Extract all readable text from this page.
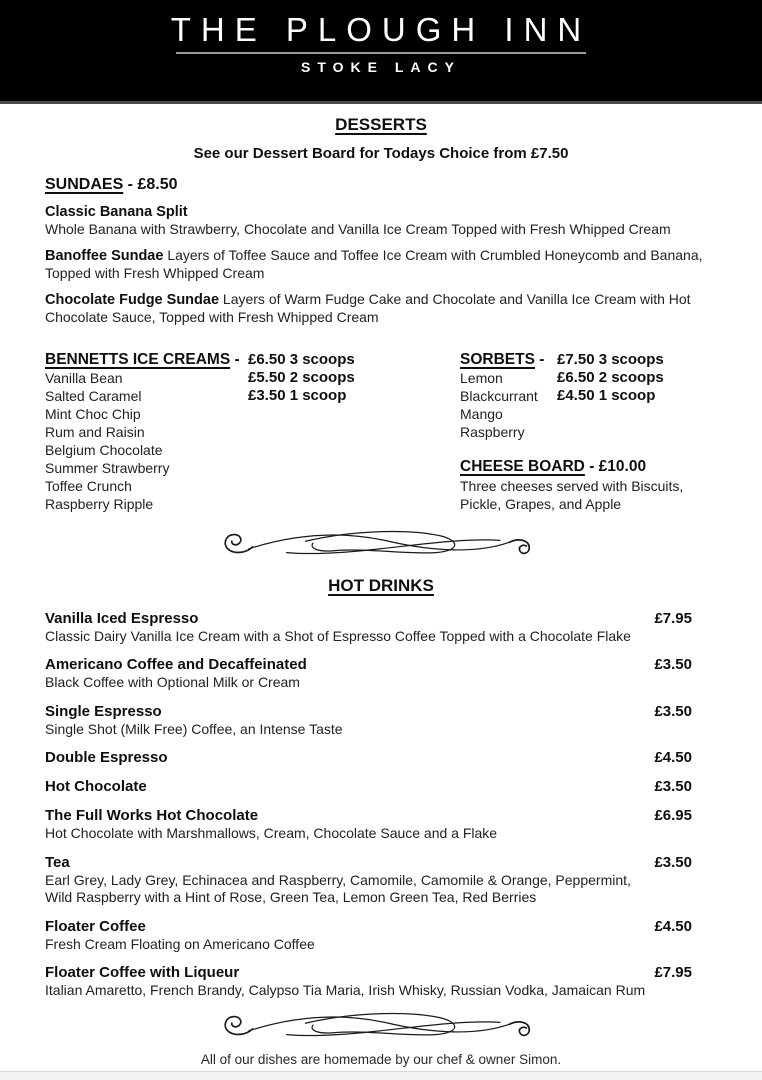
THE PLOUGH INN
STOKE LACY
DESSERTS
See our Dessert Board for Todays Choice from £7.50
SUNDAES - £8.50

Classic Banana Split
Whole Banana with Strawberry, Chocolate and Vanilla Ice Cream Topped with Fresh Whipped Cream

Banoffee Sundae Layers of Toffee Sauce and Toffee Ice Cream with Crumbled Honeycomb and Banana, Topped with Fresh Whipped Cream

Chocolate Fudge Sundae Layers of Warm Fudge Cake and Chocolate and Vanilla Ice Cream with Hot Chocolate Sauce, Topped with Fresh Whipped Cream

BENNETTS ICE CREAMS - £6.50 3 scoops
Vanilla Bean	£5.50 2 scoops
Salted Caramel	£3.50 1 scoop
Mint Choc Chip
Rum and Raisin
Belgium Chocolate
Summer Strawberry
Toffee Crunch
Raspberry Ripple
SORBETS - £7.50 3 scoops
Lemon	£6.50 2 scoops
Blackcurrant	£4.50 1 scoop
Mango
Raspberry
CHEESE BOARD - £10.00
Three cheeses served with Biscuits,
Pickle, Grapes, and Apple
HOT DRINKS
Vanilla Iced Espresso	£7.95
Classic Dairy Vanilla Ice Cream with a Shot of Espresso Coffee Topped with a Chocolate Flake
Americano Coffee and Decaffeinated	£3.50
Black Coffee with Optional Milk or Cream
Single Espresso	£3.50
Single Shot (Milk Free) Coffee, an Intense Taste
Double Espresso	£4.50
Hot Chocolate	£3.50
The Full Works Hot Chocolate	£6.95
Hot Chocolate with Marshmallows, Cream, Chocolate Sauce and a Flake
Tea	£3.50
Earl Grey, Lady Grey, Echinacea and Raspberry, Camomile, Camomile & Orange, Peppermint,
Wild Raspberry with a Hint of Rose, Green Tea, Lemon Green Tea, Red Berries
Floater Coffee	£4.50
Fresh Cream Floating on Americano Coffee
Floater Coffee with Liqueur	£7.95
Italian Amaretto, French Brandy, Calypso Tia Maria, Irish Whisky, Russian Vodka, Jamaican Rum
All of our dishes are homemade by our chef & owner Simon.
